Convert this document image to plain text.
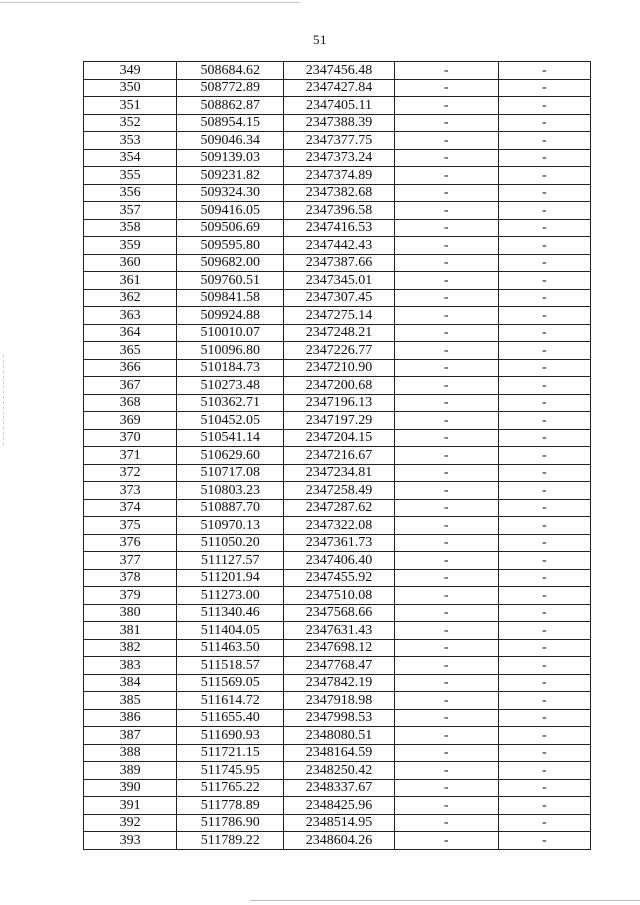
51
349	508684.62	2347456.48	-	-
350	508772.89	2347427.84	-	-
351	508862.87	2347405.11	-	-
352	508954.15	2347388.39	-	-
353	509046.34	2347377.75	-	-
354	509139.03	2347373.24	-	-
355	509231.82	2347374.89	-	-
356	509324.30	2347382.68	-	-
357	509416.05	2347396.58	-	-
358	509506.69	2347416.53	-	-
359	509595.80	2347442.43	-	-
360	509682.00	2347387.66	-	-
361	509760.51	2347345.01	-	-
362	509841.58	2347307.45	-	-
363	509924.88	2347275.14	-	-
364	510010.07	2347248.21	-	-
365	510096.80	2347226.77	-	-
366	510184.73	2347210.90	-	-
367	510273.48	2347200.68	-	-
368	510362.71	2347196.13	-	-
369	510452.05	2347197.29	-	-
370	510541.14	2347204.15	-	-
371	510629.60	2347216.67	-	-
372	510717.08	2347234.81	-	-
373	510803.23	2347258.49	-	-
374	510887.70	2347287.62	-	-
375	510970.13	2347322.08	-	-
376	511050.20	2347361.73	-	-
377	511127.57	2347406.40	-	-
378	511201.94	2347455.92	-	-
379	511273.00	2347510.08	-	-
380	511340.46	2347568.66	-	-
381	511404.05	2347631.43	-	-
382	511463.50	2347698.12	-	-
383	511518.57	2347768.47	-	-
384	511569.05	2347842.19	-	-
385	511614.72	2347918.98	-	-
386	511655.40	2347998.53	-	-
387	511690.93	2348080.51	-	-
388	511721.15	2348164.59	-	-
389	511745.95	2348250.42	-	-
390	511765.22	2348337.67	-	-
391	511778.89	2348425.96	-	-
392	511786.90	2348514.95	-	-
393	511789.22	2348604.26	-	-
